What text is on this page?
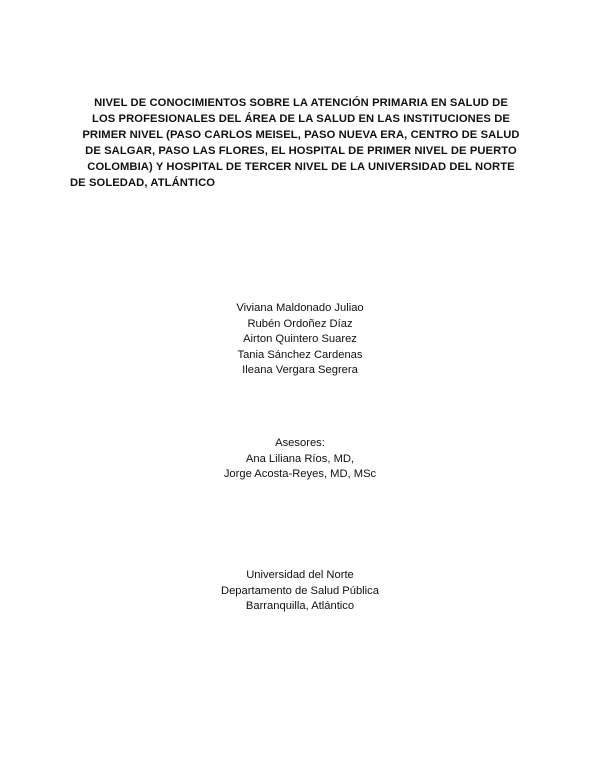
NIVEL DE CONOCIMIENTOS SOBRE LA ATENCIÓN PRIMARIA EN SALUD DE
LOS PROFESIONALES DEL ÁREA DE LA SALUD EN LAS INSTITUCIONES DE
PRIMER NIVEL (PASO CARLOS MEISEL, PASO NUEVA ERA, CENTRO DE SALUD
DE SALGAR, PASO LAS FLORES, EL HOSPITAL DE PRIMER NIVEL DE PUERTO
COLOMBIA) Y HOSPITAL DE TERCER NIVEL DE LA UNIVERSIDAD DEL NORTE
DE SOLEDAD, ATLÁNTICO
Viviana Maldonado Juliao
Rubén Ordoñez Díaz
Airton Quintero Suarez
Tania Sánchez Cardenas
Ileana Vergara Segrera
Asesores:
Ana Liliana Ríos, MD,
Jorge Acosta-Reyes, MD, MSc
Universidad del Norte
Departamento de Salud Pública
Barranquilla, Atlántico
